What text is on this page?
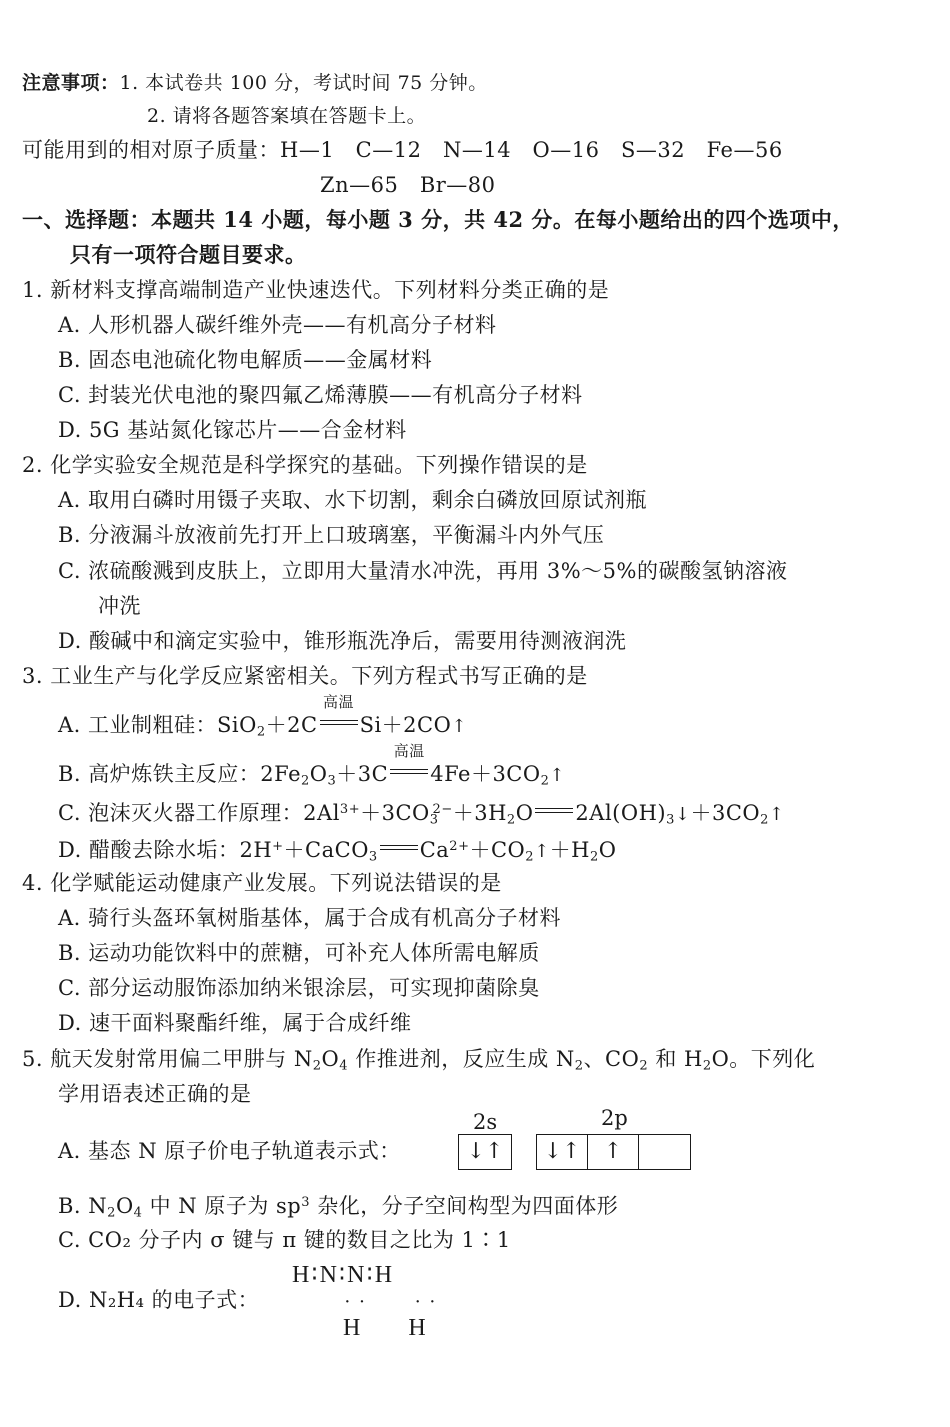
注意事项：1. 本试卷共 100 分，考试时间 75 分钟。
2. 请将各题答案填在答题卡上。
可能用到的相对原子质量：H—1　C—12　N—14　O—16　S—32　Fe—56
Zn—65　Br—80
一、选择题：本题共 14 小题，每小题 3 分，共 42 分。在每小题给出的四个选项中，
只有一项符合题目要求。
1. 新材料支撑高端制造产业快速迭代。下列材料分类正确的是
A. 人形机器人碳纤维外壳——有机高分子材料
B. 固态电池硫化物电解质——金属材料
C. 封装光伏电池的聚四氟乙烯薄膜——有机高分子材料
D. 5G 基站氮化镓芯片——合金材料
2. 化学实验安全规范是科学探究的基础。下列操作错误的是
A. 取用白磷时用镊子夹取、水下切割，剩余白磷放回原试剂瓶
B. 分液漏斗放液前先打开上口玻璃塞，平衡漏斗内外气压
C. 浓硫酸溅到皮肤上，立即用大量清水冲洗，再用 3%～5%的碳酸氢钠溶液
冲洗
D. 酸碱中和滴定实验中，锥形瓶洗净后，需要用待测液润洗
3. 工业生产与化学反应紧密相关。下列方程式书写正确的是
A. 工业制粗硅：SiO$_2$＋2C
高温
Si＋2CO↑
B. 高炉炼铁主反应：$2Fe_2O_3+3C$
高温
$4Fe+3CO_2↑$
C. 泡沫灭火器工作原理：$2Al^{3+}+3CO_3^{2-}+3H_2O$ $2Al(OH)_3↓+3CO_2↑$
D. 醋酸去除水垢：2H+＋CaCO$_3$ $Ca^{2+}+CO_2↑+H_2O$
4. 化学赋能运动健康产业发展。下列说法错误的是
A. 骑行头盔环氧树脂基体，属于合成有机高分子材料
B. 运动功能饮料中的蔗糖，可补充人体所需电解质
C. 部分运动服饰添加纳米银涂层，可实现抑菌除臭
D. 速干面料聚酯纤维，属于合成纤维
5. 航天发射常用偏二甲肼与 $N_2O_4$ 作推进剂，反应生成 $N_2$、$CO_2$ 和 $H_2O$。下列化
学用语表述正确的是
A. 基态 N 原子价电子轨道表示式：
2s	2p
↓↑	↓↑	↑
B. $N_2O_4$ 中 N 原子为 $sp^3$ 杂化，分子空间构型为四面体形
C. CO₂ 分子内 σ 键与 π 键的数目之比为 1∶1
D. N₂H₄ 的电子式：
H∶N∶N∶H
··　 ··
H　 H
